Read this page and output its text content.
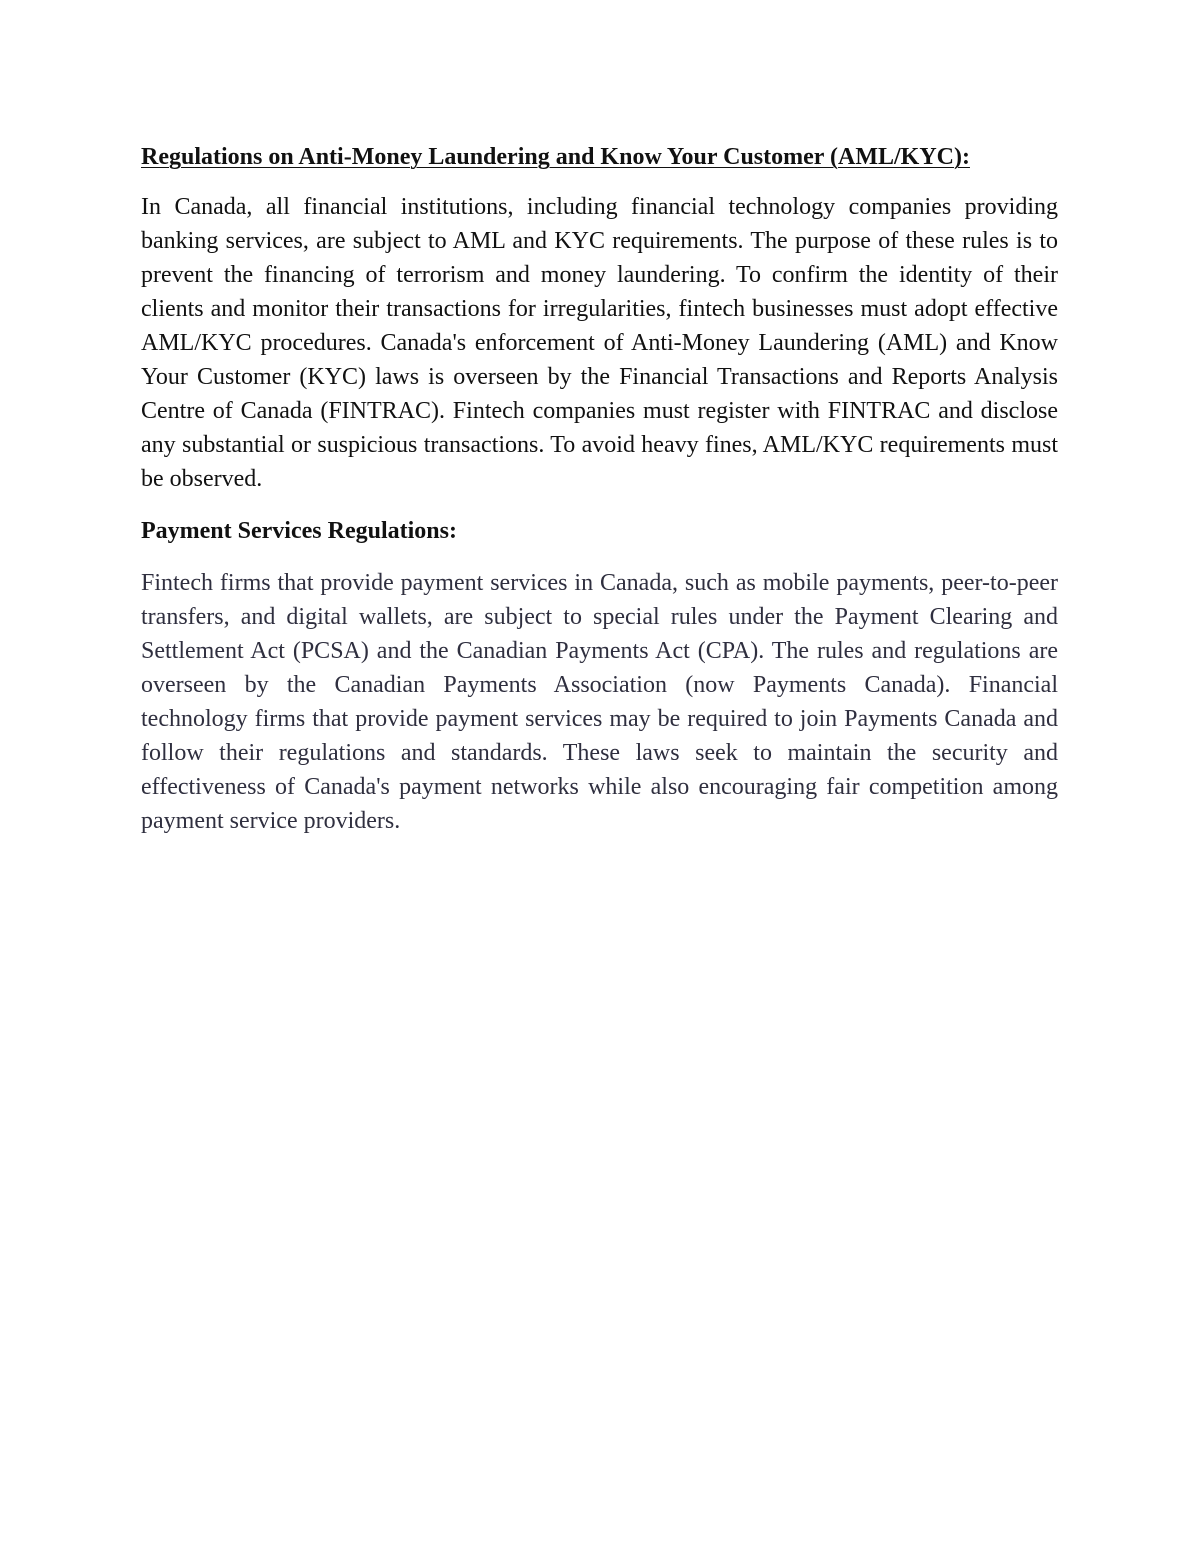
Regulations on Anti-Money Laundering and Know Your Customer (AML/KYC):

In Canada, all financial institutions, including financial technology companies providing banking services, are subject to AML and KYC requirements. The purpose of these rules is to prevent the financing of terrorism and money laundering. To confirm the identity of their clients and monitor their transactions for irregularities, fintech businesses must adopt effective AML/KYC procedures. Canada's enforcement of Anti-Money Laundering (AML) and Know Your Customer (KYC) laws is overseen by the Financial Transactions and Reports Analysis Centre of Canada (FINTRAC). Fintech companies must register with FINTRAC and disclose any substantial or suspicious transactions. To avoid heavy fines, AML/KYC requirements must be observed.

Payment Services Regulations:

Fintech firms that provide payment services in Canada, such as mobile payments, peer-to-peer transfers, and digital wallets, are subject to special rules under the Payment Clearing and Settlement Act (PCSA) and the Canadian Payments Act (CPA). The rules and regulations are overseen by the Canadian Payments Association (now Payments Canada). Financial technology firms that provide payment services may be required to join Payments Canada and follow their regulations and standards. These laws seek to maintain the security and effectiveness of Canada's payment networks while also encouraging fair competition among payment service providers.
